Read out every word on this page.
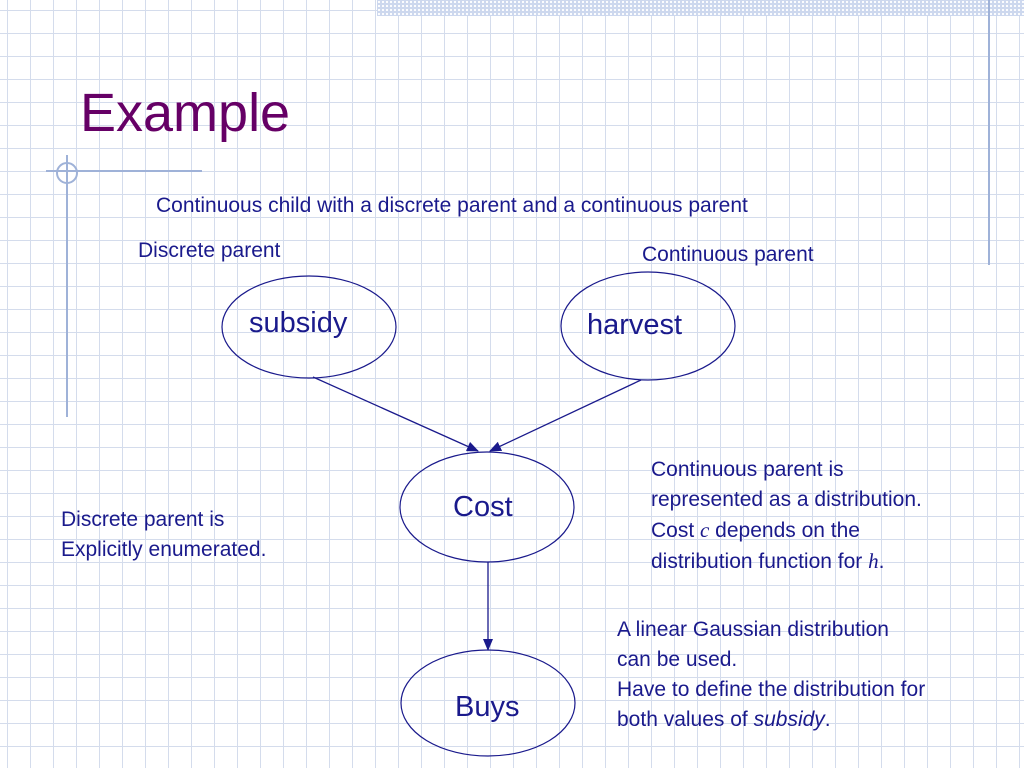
Example
Continuous child with a discrete parent and a continuous parent
Discrete parent	Continuous parent
subsidy	harvest
Cost
Buys
Discrete parent is
Explicitly enumerated.
Continuous parent is
represented as a distribution.
Cost c depends on the
distribution function for h.
A linear Gaussian distribution
can be used.
Have to define the distribution for
both values of subsidy.
